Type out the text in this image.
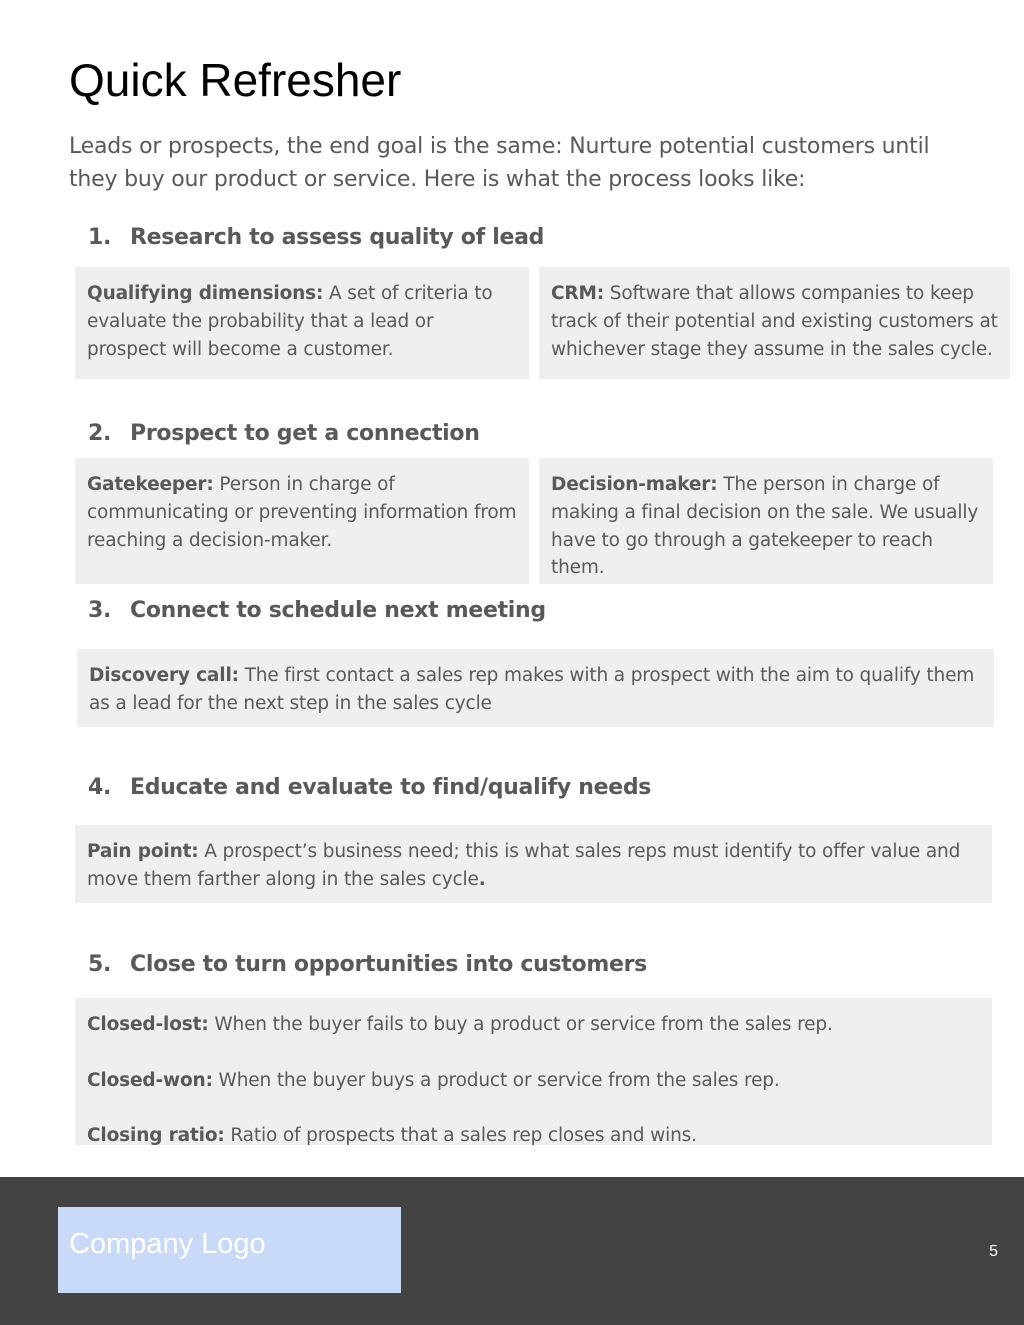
Quick Refresher
Leads or prospects, the end goal is the same: Nurture potential customers until they buy our product or service. Here is what the process looks like:
1. Research to assess quality of lead
Qualifying dimensions: A set of criteria to evaluate the probability that a lead or prospect will become a customer.
CRM: Software that allows companies to keep track of their potential and existing customers at whichever stage they assume in the sales cycle.
2. Prospect to get a connection
Gatekeeper: Person in charge of communicating or preventing information from reaching a decision-maker.
Decision-maker: The person in charge of making a final decision on the sale. We usually have to go through a gatekeeper to reach them.
3. Connect to schedule next meeting
Discovery call: The first contact a sales rep makes with a prospect with the aim to qualify them as a lead for the next step in the sales cycle
4. Educate and evaluate to find/qualify needs
Pain point: A prospect’s business need; this is what sales reps must identify to offer value and move them farther along in the sales cycle.
5. Close to turn opportunities into customers
Closed-lost: When the buyer fails to buy a product or service from the sales rep.
Closed-won: When the buyer buys a product or service from the sales rep.
Closing ratio: Ratio of prospects that a sales rep closes and wins.
Company Logo	5
